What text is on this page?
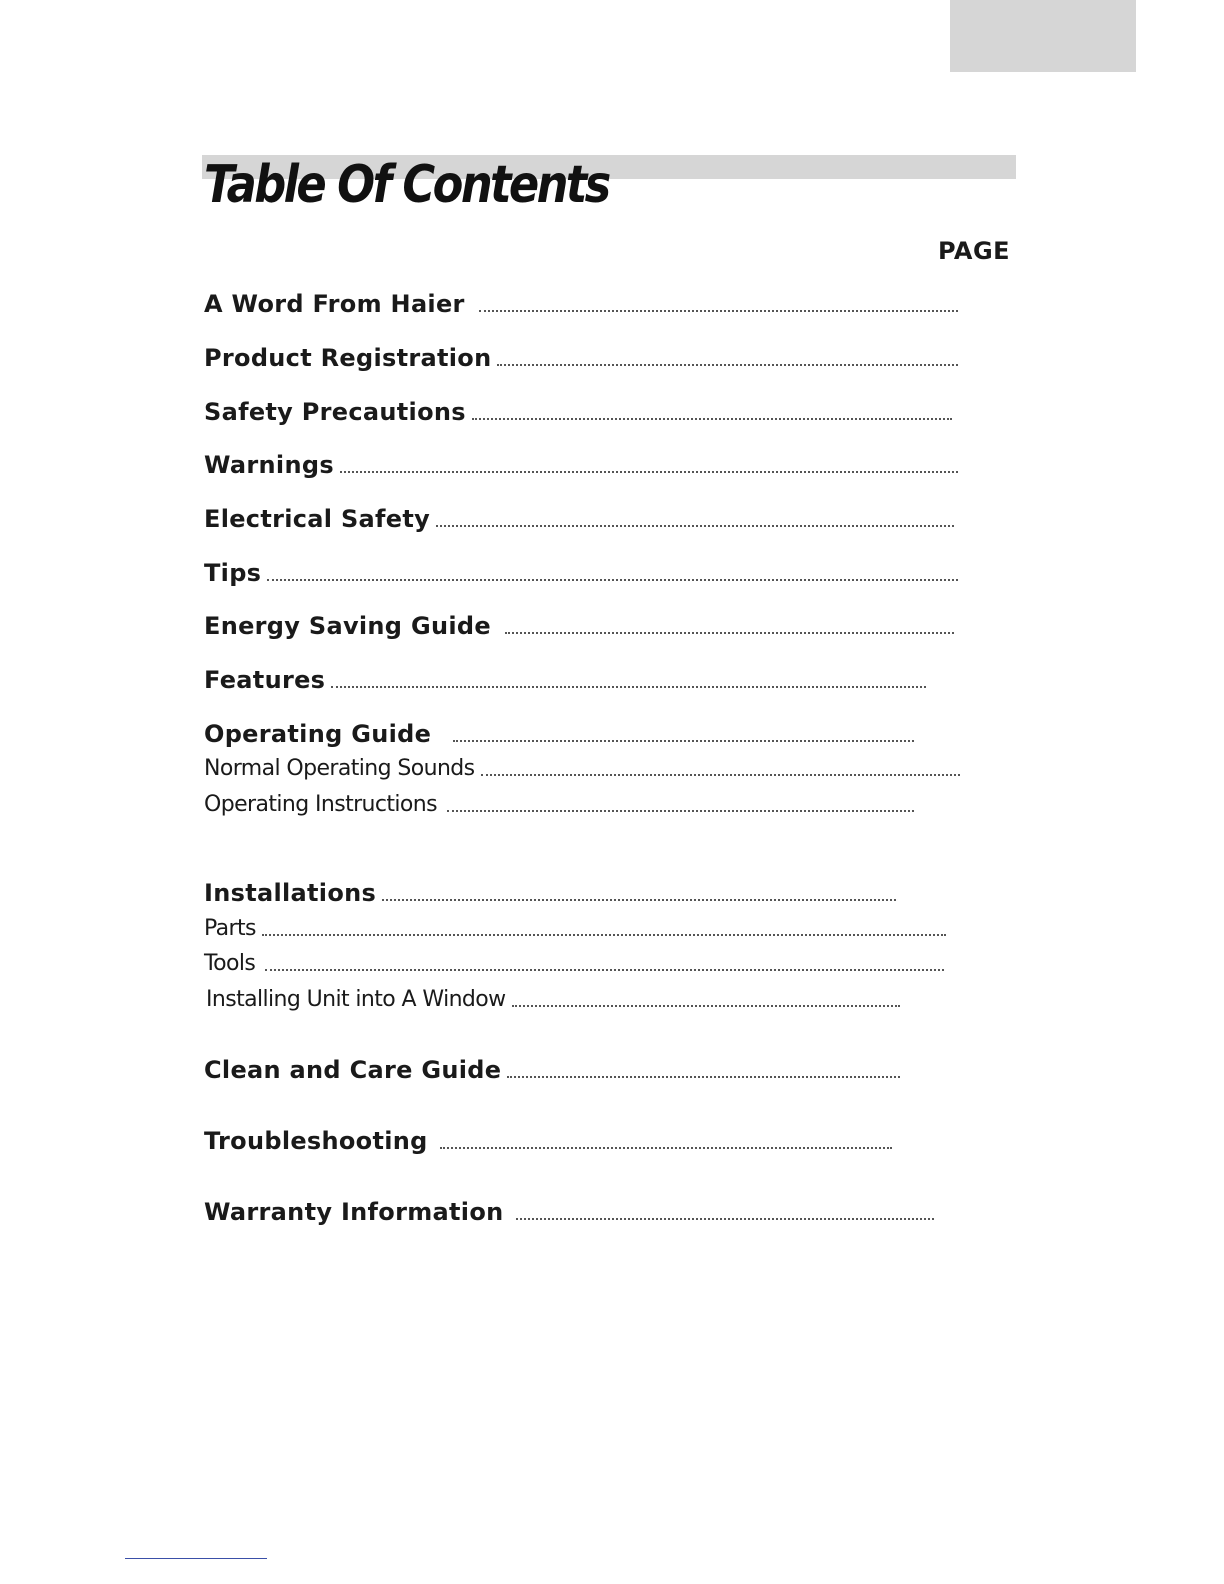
Table Of Contents
PAGE
A Word From Haier
Product Registration
Safety Precautions
Warnings
Electrical Safety
Tips
Energy Saving Guide
Features
Operating Guide
Normal Operating Sounds
Operating Instructions
Installations
Parts
Tools
Installing Unit into A Window
Clean and Care Guide
Troubleshooting
Warranty Information
